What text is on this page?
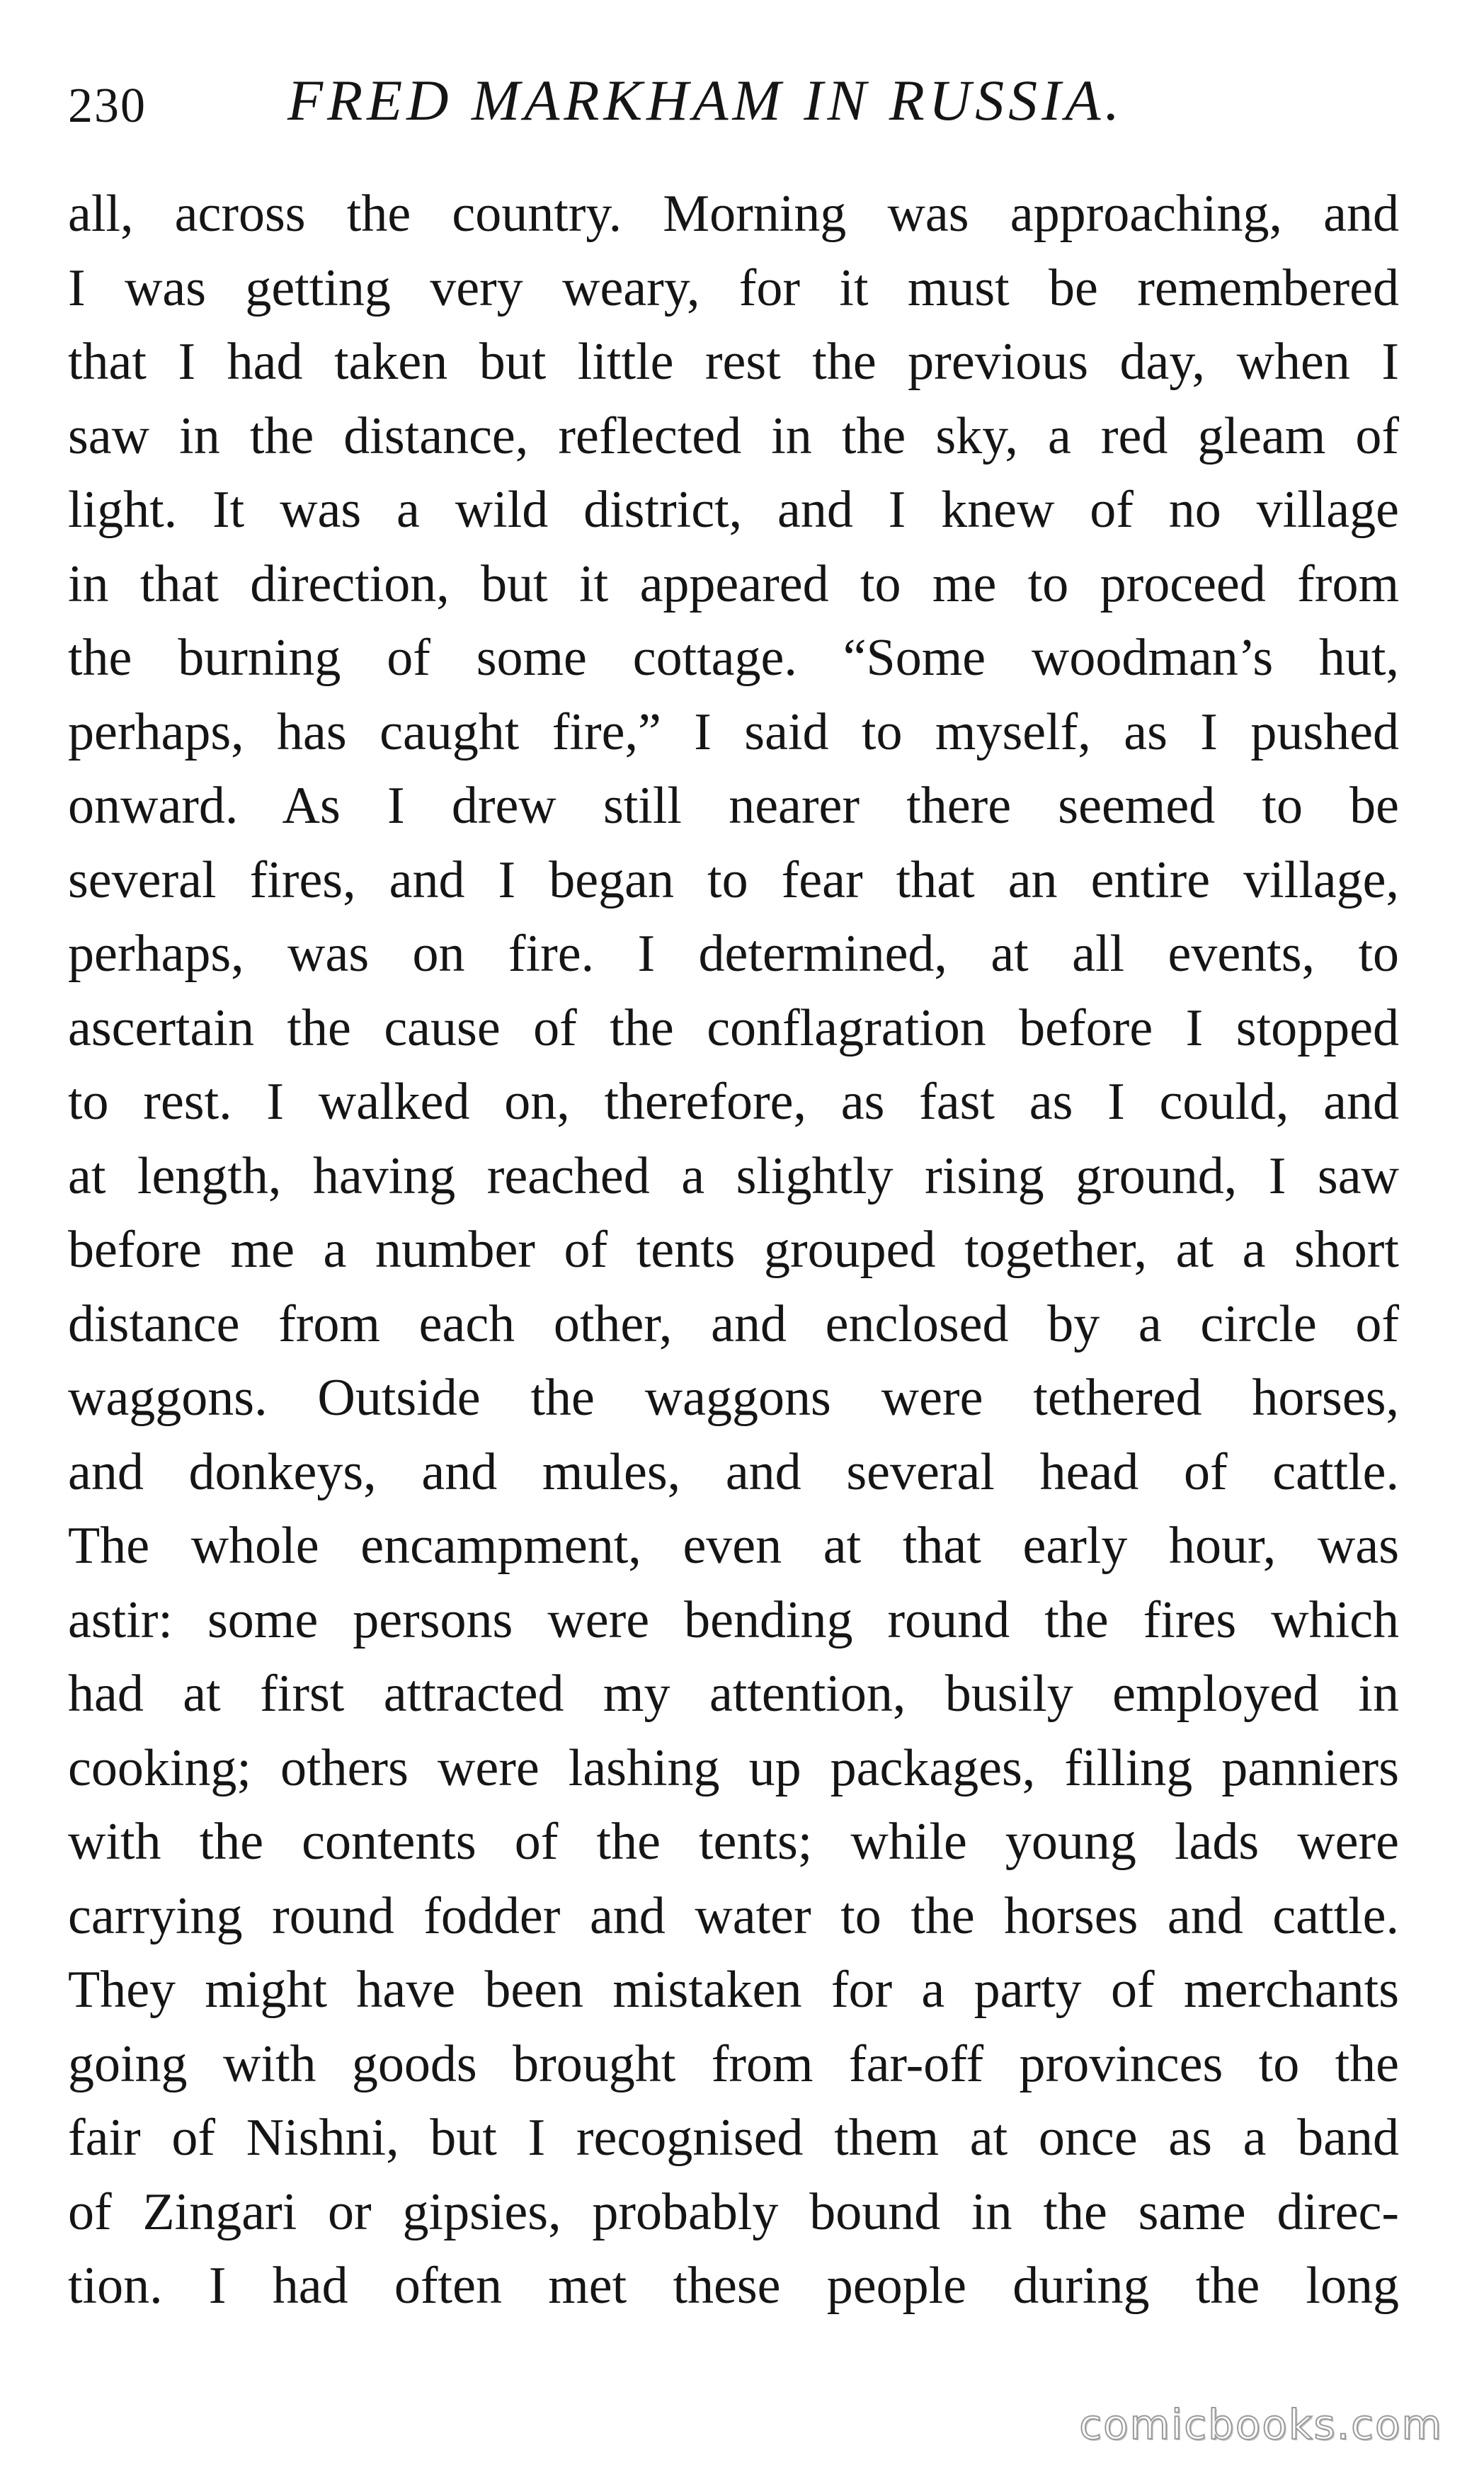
230 FRED MARKHAM IN RUSSIA.
all, across the country. Morning was approaching, and
I was getting very weary, for it must be remembered
that I had taken but little rest the previous day, when I
saw in the distance, reflected in the sky, a red gleam of
light. It was a wild district, and I knew of no village
in that direction, but it appeared to me to proceed from
the burning of some cottage. “Some woodman’s hut,
perhaps, has caught fire,” I said to myself, as I pushed
onward. As I drew still nearer there seemed to be
several fires, and I began to fear that an entire village,
perhaps, was on fire. I determined, at all events, to
ascertain the cause of the conflagration before I stopped
to rest. I walked on, therefore, as fast as I could, and
at length, having reached a slightly rising ground, I saw
before me a number of tents grouped together, at a short
distance from each other, and enclosed by a circle of
waggons. Outside the waggons were tethered horses,
and donkeys, and mules, and several head of cattle.
The whole encampment, even at that early hour, was
astir: some persons were bending round the fires which
had at first attracted my attention, busily employed in
cooking; others were lashing up packages, filling panniers
with the contents of the tents; while young lads were
carrying round fodder and water to the horses and cattle.
They might have been mistaken for a party of merchants
going with goods brought from far-off provinces to the
fair of Nishni, but I recognised them at once as a band
of Zingari or gipsies, probably bound in the same direc-
tion. I had often met these people during the long
comicbooks.com
